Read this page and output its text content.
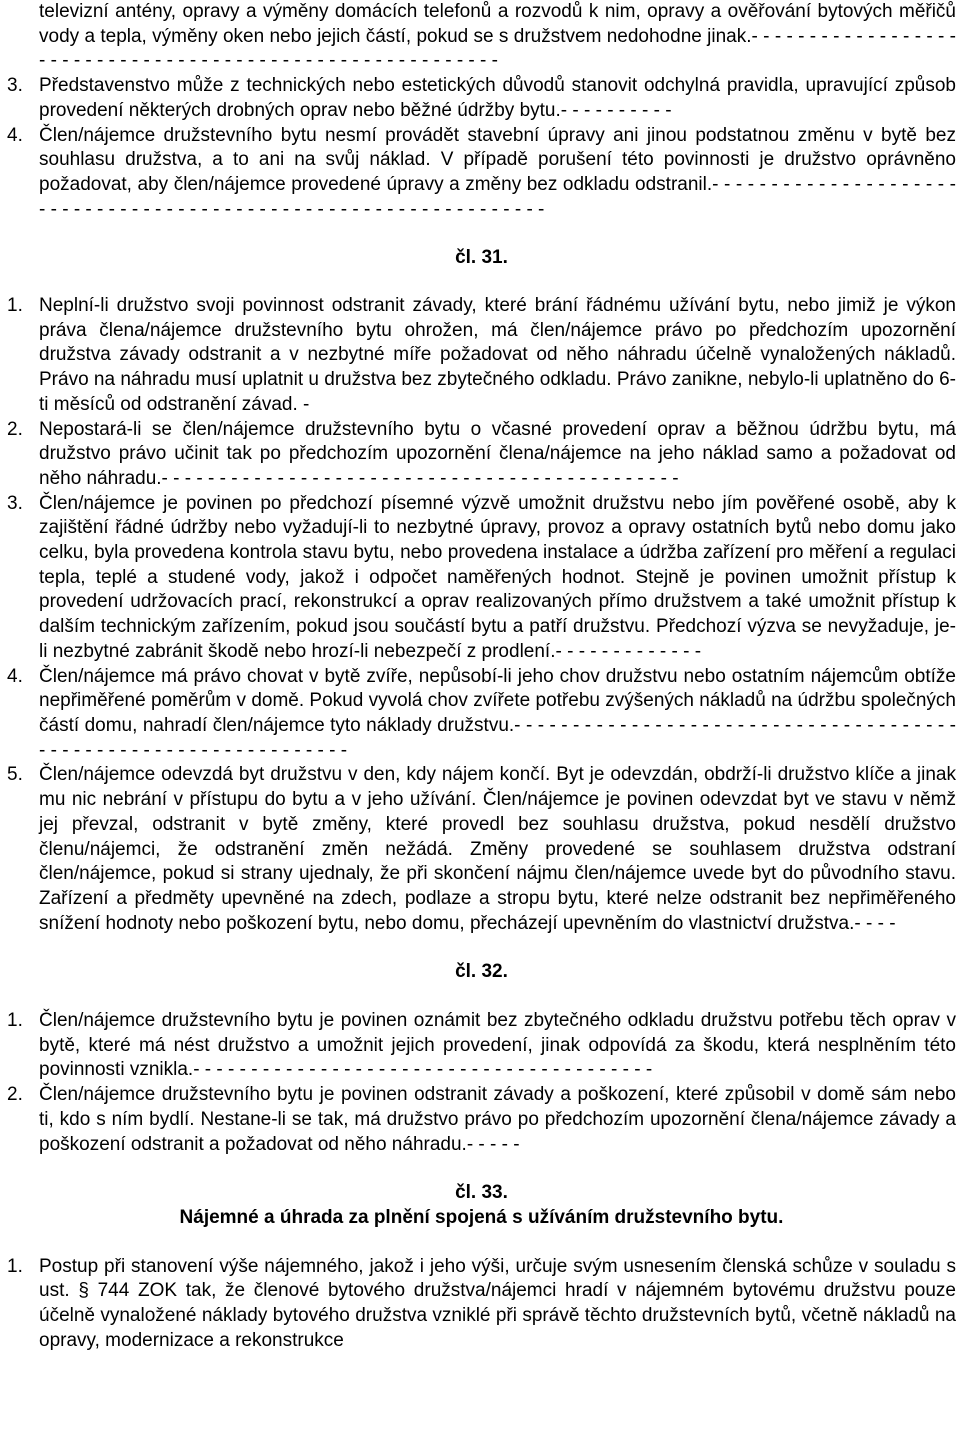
televizní antény, opravy a výměny domácích telefonů a rozvodů k nim, opravy a ověřování bytových měřičů vody a tepla, výměny oken nebo jejich částí, pokud se s družstvem nedohodne jinak.- - - - - - - - - - - - - - - - - - - - - - - - - - - - - - - - - - - - - - - - - - - - - - - - - - - - - - - - - -
3. Představenstvo může z technických nebo estetických důvodů stanovit odchylná pravidla, upravující způsob provedení některých drobných oprav nebo běžné údržby bytu.- - - - - - - - - -
4. Člen/nájemce družstevního bytu nesmí provádět stavební úpravy ani jinou podstatnou změnu v bytě bez souhlasu družstva, a to ani na svůj náklad. V případě porušení této povinnosti je družstvo oprávněno požadovat, aby člen/nájemce provedené úpravy a změny bez odkladu odstranil.- - - - - - - - - - - - - - - - - - - - - - - - - - - - - - - - - - - - - - - - - - - - - - - - - - - - - - - - - - - - - - - - -
čl. 31.
1. Neplní-li družstvo svoji povinnost odstranit závady, které brání řádnému užívání bytu, nebo jimiž je výkon práva člena/nájemce družstevního bytu ohrožen, má člen/nájemce právo po předchozím upozornění družstva závady odstranit a v nezbytné míře požadovat od něho náhradu účelně vynaložených nákladů. Právo na náhradu musí uplatnit u družstva bez zbytečného odkladu. Právo zanikne, nebylo-li uplatněno do 6-ti měsíců od odstranění závad. -
2. Nepostará-li se člen/nájemce družstevního bytu o včasné provedení oprav a běžnou údržbu bytu, má družstvo právo učinit tak po předchozím upozornění člena/nájemce na jeho náklad samo a požadovat od něho náhradu.- - - - - - - - - - - - - - - - - - - - - - - - - - - - - - - - - - - - - - - - - - - - -
3. Člen/nájemce je povinen po předchozí písemné výzvě umožnit družstvu nebo jím pověřené osobě, aby k zajištění řádné údržby nebo vyžadují-li to nezbytné úpravy, provoz a opravy ostatních bytů nebo domu jako celku, byla provedena kontrola stavu bytu, nebo provedena instalace a údržba zařízení pro měření a regulaci tepla, teplé a studené vody, jakož i odpočet naměřených hodnot. Stejně je povinen umožnit přístup k provedení udržovacích prací, rekonstrukcí a oprav realizovaných přímo družstvem a také umožnit přístup k dalším technickým zařízením, pokud jsou součástí bytu a patří družstvu. Předchozí výzva se nevyžaduje, je-li nezbytné zabránit škodě nebo hrozí-li nebezpečí z prodlení.- - - - - - - - - - - - -
4. Člen/nájemce má právo chovat v bytě zvíře, nepůsobí-li jeho chov družstvu nebo ostatním nájemcům obtíže nepřiměřené poměrům v domě. Pokud vyvolá chov zvířete potřebu zvýšených nákladů na údržbu společných částí domu, nahradí člen/nájemce tyto náklady družstvu.- - - - - - - - - - - - - - - - - - - - - - - - - - - - - - - - - - - - - - - - - - - - - - - - - - - - - - - - - - - - - - - - -
5. Člen/nájemce odevzdá byt družstvu v den, kdy nájem končí. Byt je odevzdán, obdrží-li družstvo klíče a jinak mu nic nebrání v přístupu do bytu a v jeho užívání. Člen/nájemce je povinen odevzdat byt ve stavu v němž jej převzal, odstranit v bytě změny, které provedl bez souhlasu družstva, pokud nesdělí družstvo členu/nájemci, že odstranění změn nežádá. Změny provedené se souhlasem družstva odstraní člen/nájemce, pokud si strany ujednaly, že při skončení nájmu člen/nájemce uvede byt do původního stavu. Zařízení a předměty upevněné na zdech, podlaze a stropu bytu, které nelze odstranit bez nepřiměřeného snížení hodnoty nebo poškození bytu, nebo domu, přecházejí upevněním do vlastnictví družstva.- - - -
čl. 32.
1. Člen/nájemce družstevního bytu je povinen oznámit bez zbytečného odkladu družstvu potřebu těch oprav v bytě, které má nést družstvo a umožnit jejich provedení, jinak odpovídá za škodu, která nesplněním této povinnosti vznikla.- - - - - - - - - - - - - - - - - - - - - - - - - - - - - - - - - - - - - - - -
2. Člen/nájemce družstevního bytu je povinen odstranit závady a poškození, které způsobil v domě sám nebo ti, kdo s ním bydlí. Nestane-li se tak, má družstvo právo po předchozím upozornění člena/nájemce závady a poškození odstranit a požadovat od něho náhradu.- - - - -
čl. 33.
Nájemné a úhrada za plnění spojená s užíváním družstevního bytu.
1. Postup při stanovení výše nájemného, jakož i jeho výši, určuje svým usnesením členská schůze v souladu s ust. § 744 ZOK tak, že členové bytového družstva/nájemci hradí v nájemném bytovému družstvu pouze účelně vynaložené náklady bytového družstva vzniklé při správě těchto družstevních bytů, včetně nákladů na opravy, modernizace a rekonstrukce
